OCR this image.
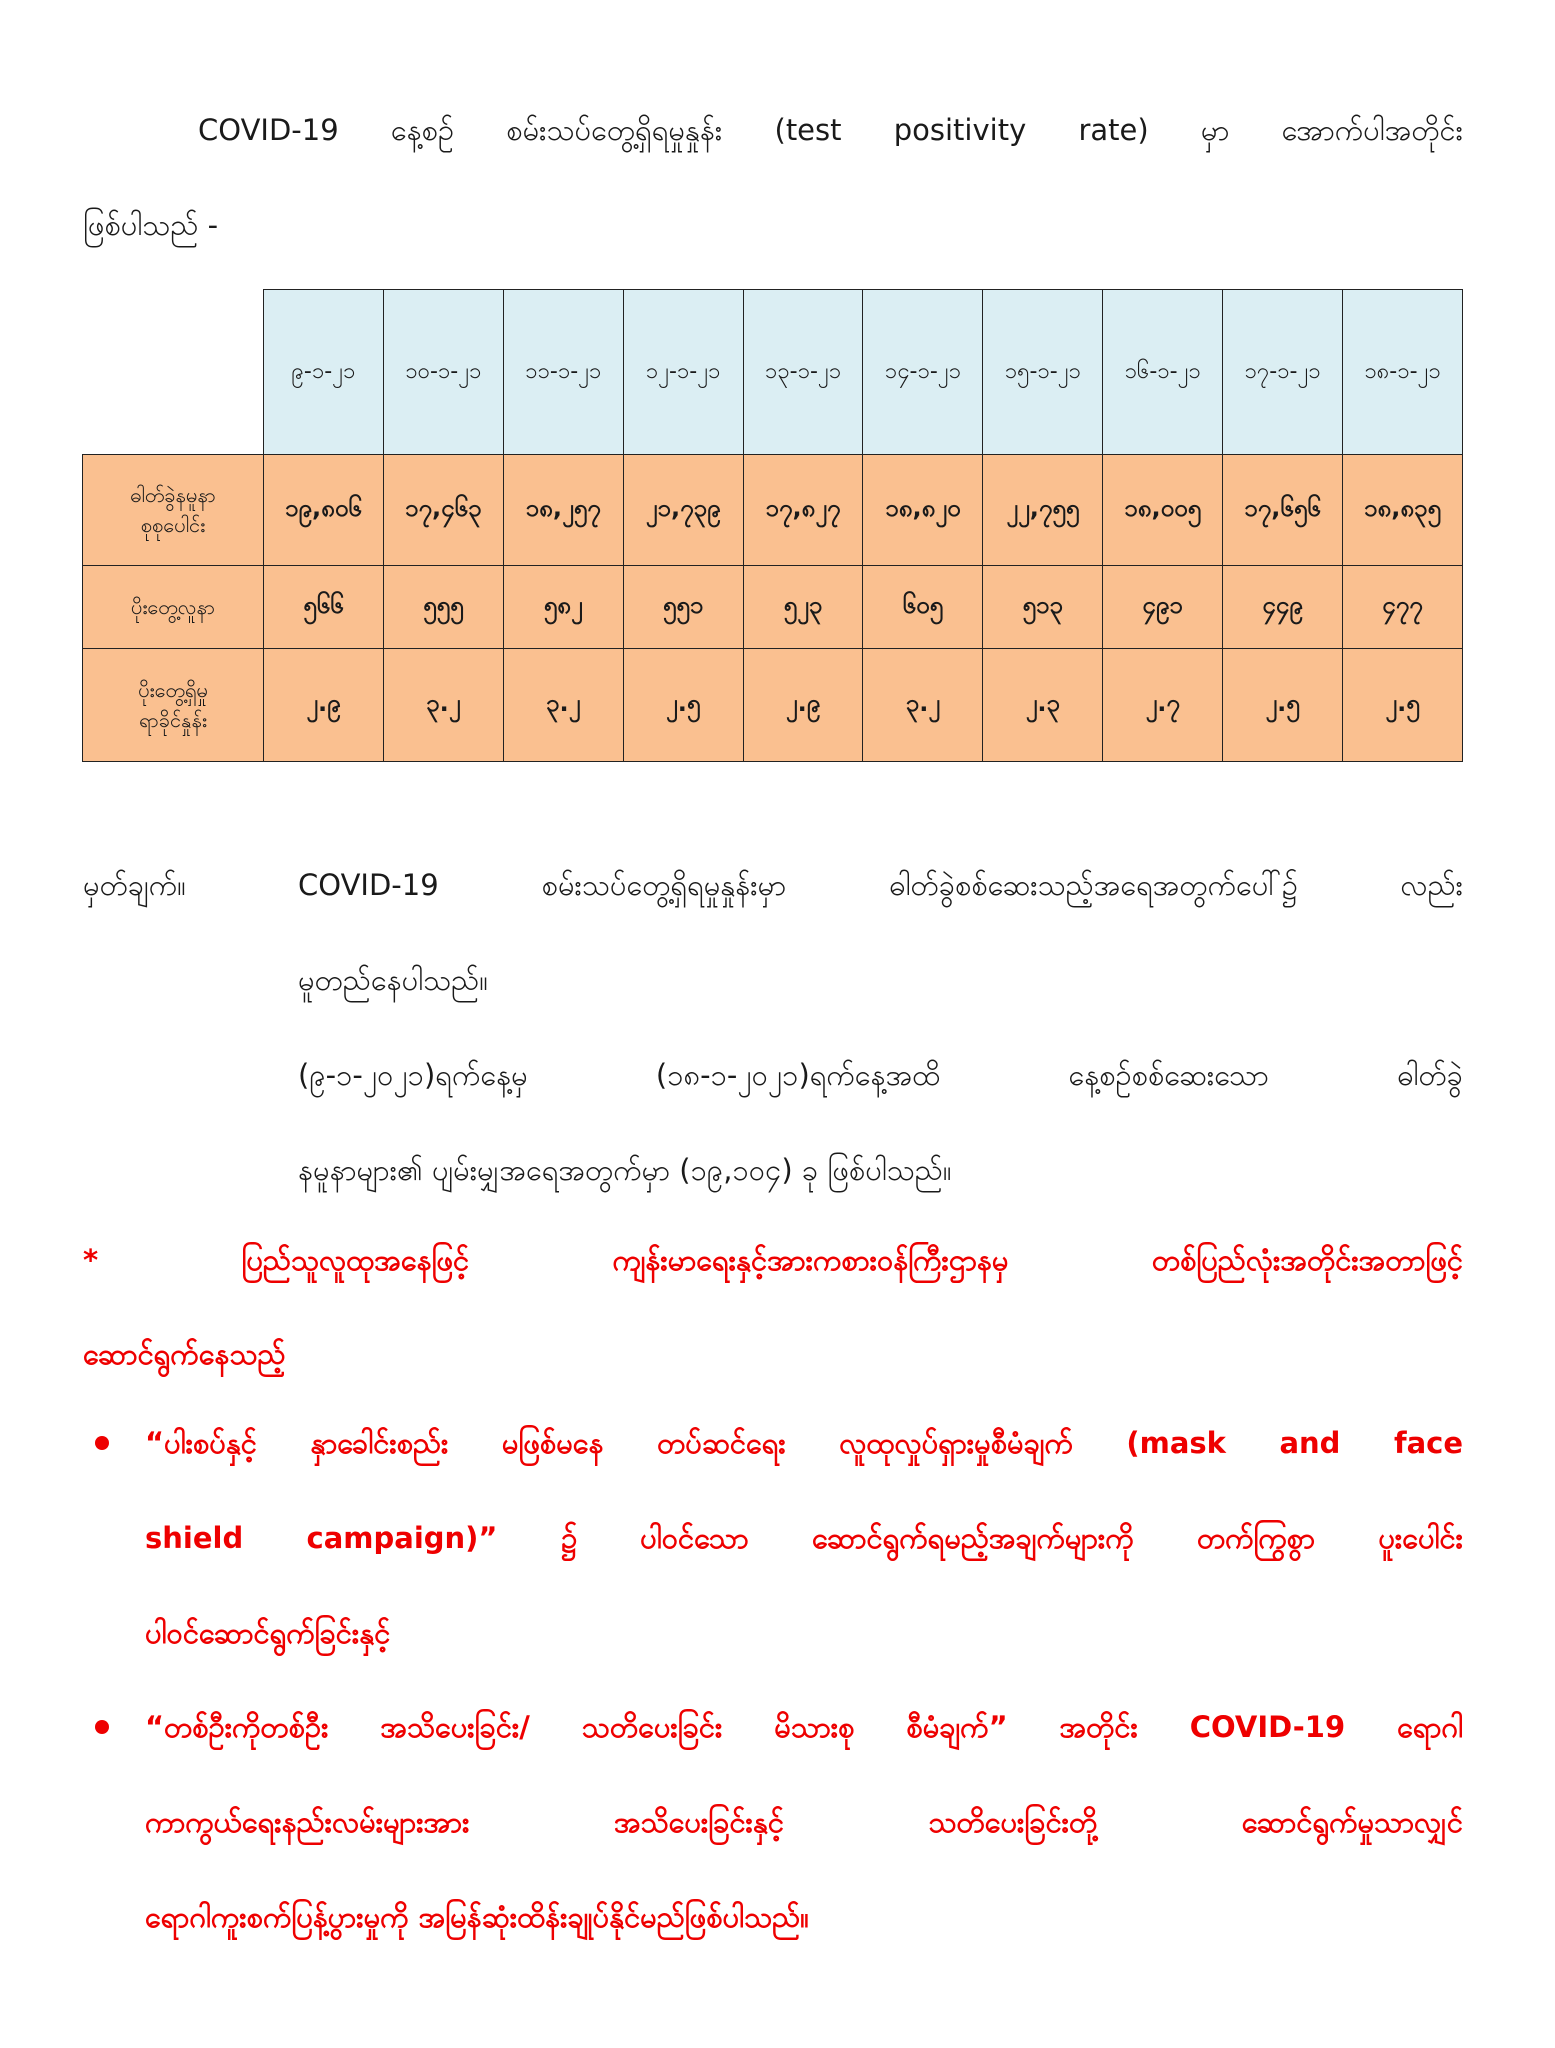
COVID-19 နေ့စဉ် စမ်းသပ်တွေ့ရှိရမှုနှုန်း (test positivity rate) မှာ အောက်ပါအတိုင်း
ဖြစ်ပါသည် -
	၉-၁-၂၁	၁၀-၁-၂၁	၁၁-၁-၂၁	၁၂-၁-၂၁	၁၃-၁-၂၁	၁၄-၁-၂၁	၁၅-၁-၂၁	၁၆-၁-၂၁	၁၇-၁-၂၁	၁၈-၁-၂၁
ဓါတ်ခွဲနမူနာ
စုစုပေါင်း	၁၉,၈၀၆	၁၇,၄၆၃	၁၈,၂၅၇	၂၁,၇၃၉	၁၇,၈၂၇	၁၈,၈၂၀	၂၂,၇၅၅	၁၈,၀၀၅	၁၇,၆၅၆	၁၈,၈၃၅
ပိုးတွေ့လူနာ	၅၆၆	၅၅၅	၅၈၂	၅၅၁	၅၂၃	၆၀၅	၅၁၃	၄၉၁	၄၄၉	၄၇၇
ပိုးတွေ့ရှိမှု
ရာခိုင်နှုန်း	၂.၉	၃.၂	၃.၂	၂.၅	၂.၉	၃.၂	၂.၃	၂.၇	၂.၅	၂.၅
မှတ်ချက်။	COVID-19 စမ်းသပ်တွေ့ရှိရမှုနှုန်းမှာ ဓါတ်ခွဲစစ်ဆေးသည့်အရေအတွက်ပေါ်၌ လည်း
မူတည်နေပါသည်။
(၉-၁-၂၀၂၁)ရက်နေ့မှ (၁၈-၁-၂၀၂၁)ရက်နေ့အထိ နေ့စဉ်စစ်ဆေးသော ဓါတ်ခွဲ
နမူနာများ၏ ပျမ်းမျှအရေအတွက်မှာ (၁၉,၁၀၄) ခု ဖြစ်ပါသည်။
* ပြည်သူလူထုအနေဖြင့် ကျန်းမာရေးနှင့်အားကစားဝန်ကြီးဌာနမှ တစ်ပြည်လုံးအတိုင်းအတာဖြင့်
ဆောင်ရွက်နေသည့်
“ပါးစပ်နှင့် နှာခေါင်းစည်း မဖြစ်မနေ တပ်ဆင်ရေး လူထုလှုပ်ရှားမှုစီမံချက် (mask and face
shield campaign)” ၌ ပါဝင်သော ဆောင်ရွက်ရမည့်အချက်များကို တက်ကြွစွာ ပူးပေါင်း
ပါဝင်ဆောင်ရွက်ခြင်းနှင့်
“တစ်ဦးကိုတစ်ဦး အသိပေးခြင်း/ သတိပေးခြင်း မိသားစု စီမံချက်” အတိုင်း COVID-19 ရောဂါ
ကာကွယ်ရေးနည်းလမ်းများအား အသိပေးခြင်းနှင့် သတိပေးခြင်းတို့ ဆောင်ရွက်မှုသာလျှင်
ရောဂါကူးစက်ပြန့်ပွားမှုကို အမြန်ဆုံးထိန်းချုပ်နိုင်မည်ဖြစ်ပါသည်။
